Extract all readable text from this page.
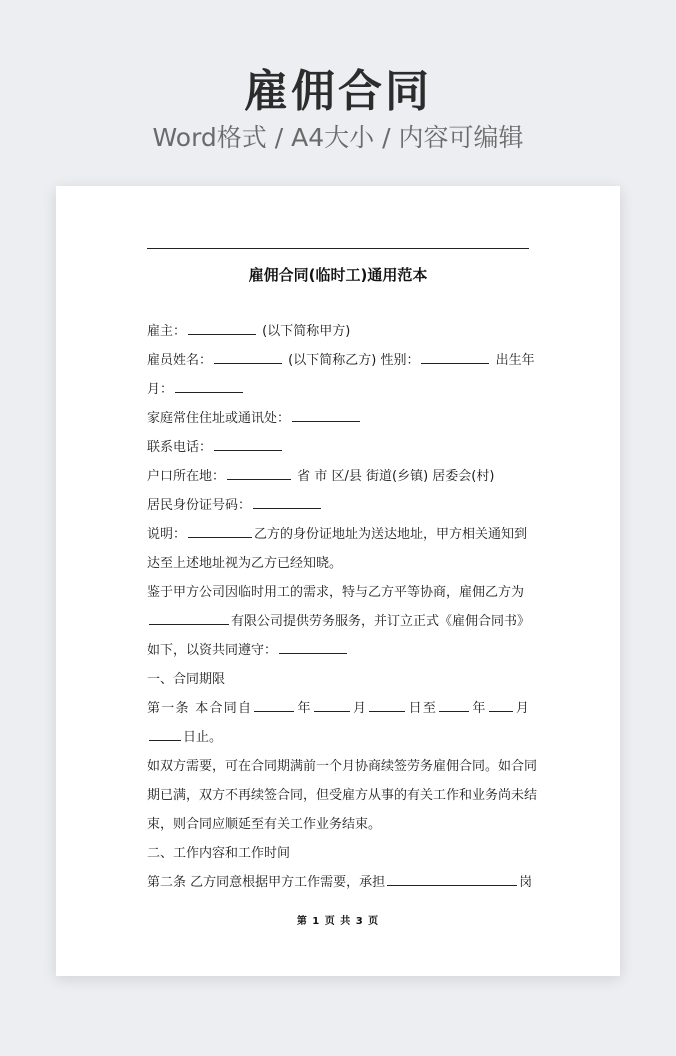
雇佣合同
Word格式 / A4大小 / 内容可编辑
雇佣合同(临时工)通用范本
雇主：	(以下简称甲方)
雇员姓名：	(以下简称乙方) 性别：	出生年
月：
家庭常住住址或通讯处：
联系电话：
户口所在地：	省 市 区/县 街道(乡镇) 居委会(村)
居民身份证号码：
说明：	乙方的身份证地址为送达地址，甲方相关通知到
达至上述地址视为乙方已经知晓。
鉴于甲方公司因临时用工的需求，特与乙方平等协商，雇佣乙方为
有限公司提供劳务服务，并订立正式《雇佣合同书》
如下，以资共同遵守：
一、合同期限
第一条 本合同自	年	月	日至	年 月
日止。
如双方需要，可在合同期满前一个月协商续签劳务雇佣合同。如合同
期已满，双方不再续签合同，但受雇方从事的有关工作和业务尚未结
束，则合同应顺延至有关工作业务结束。
二、工作内容和工作时间
第二条 乙方同意根据甲方工作需要，承担	岗
第 1 页 共 3 页
